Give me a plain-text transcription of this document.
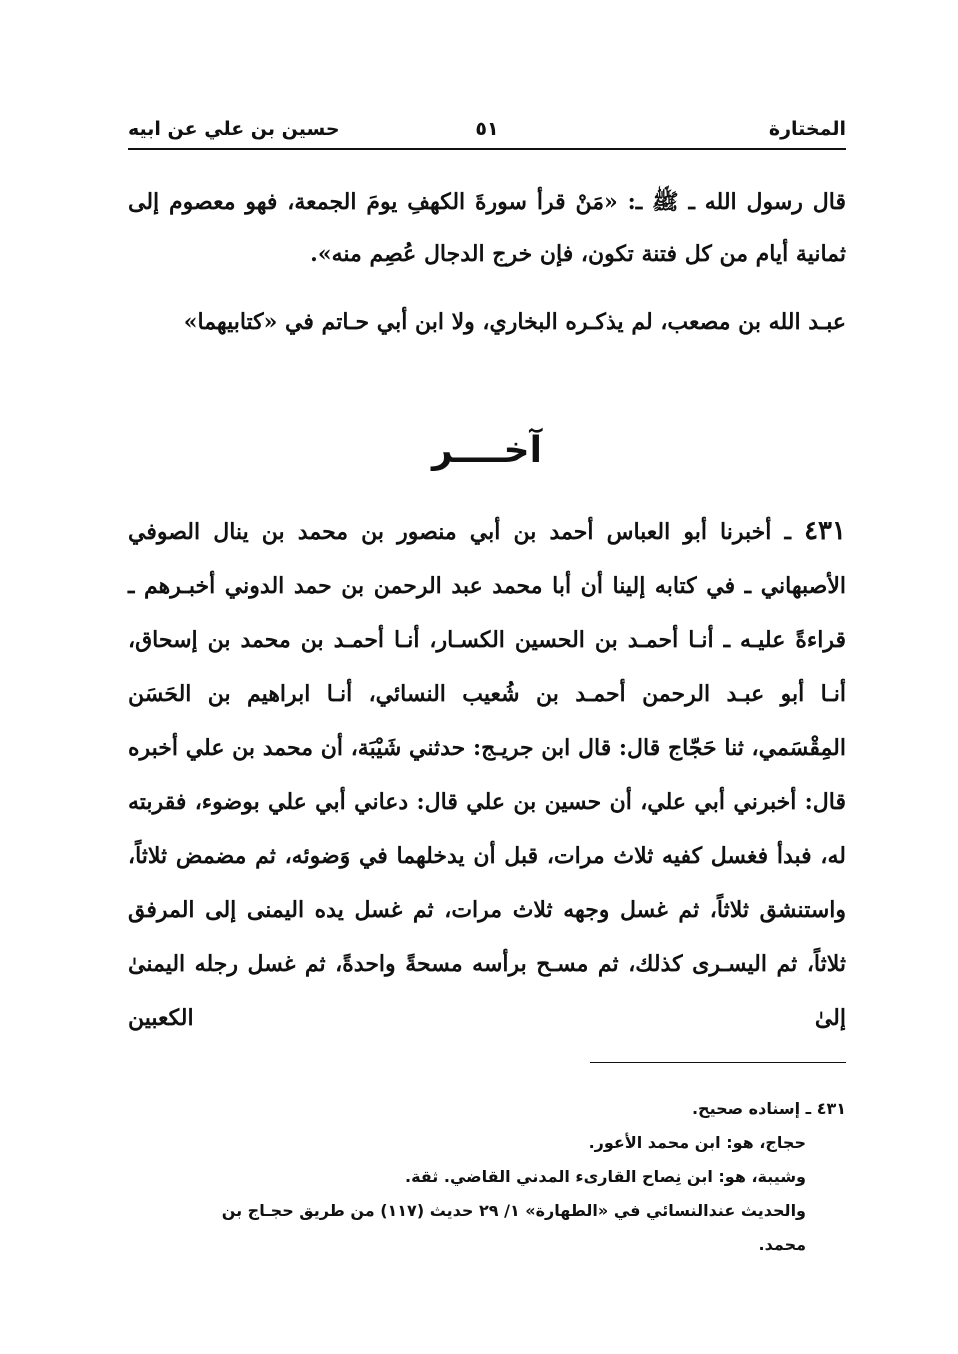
المختارة
٥١
حسين بن علي عن ابيه

قال رسول الله ـ ﷺ ـ: «مَنْ قرأ سورةَ الكهفِ يومَ الجمعة، فهو معصوم إلى ثمانية أيام من كل فتنة تكون، فإن خرج الدجال عُصِم منه».

عبـد الله بن مصعب، لم يذكـره البخاري، ولا ابن أبي حـاتم في «كتابيهما»

آخــــر

٤٣١ ـ أخبرنا أبو العباس أحمد بن أبي منصور بن محمد بن ينال الصوفي الأصبهاني ـ في كتابه إلينا أن أبا محمد عبد الرحمن بن حمد الدوني أخبـرهم ـ قراءةً عليـه ـ أنـا أحمـد بن الحسين الكسـار، أنـا أحمـد بن محمد بن إسحاق، أنـا أبو عبـد الرحمن أحمـد بن شُعيب النسائي، أنـا ابراهيم بن الحَسَن المِقْسَمي، ثنا حَجّاج قال: قال ابن جريـج: حدثني شَيْبَة، أن محمد بن علي أخبره قال: أخبرني أبي علي، أن حسين بن علي قال: دعاني أبي علي بوضوء، فقربته له، فبدأ فغسل كفيه ثلاث مرات، قبل أن يدخلهما في وَضوئه، ثم مضمض ثلاثاً، واستنشق ثلاثاً، ثم غسل وجهه ثلاث مرات، ثم غسل يده اليمنى إلى المرفق ثلاثاً، ثم اليسـرى كذلك، ثم مسـح برأسه مسحةً واحدةً، ثم غسل رجله اليمنىٰ إلىٰ الكعبين

٤٣١ ـ إسناده صحيح.
حجاج، هو: ابن محمد الأعور.
وشيبة، هو: ابن نِصاح القارىء المدني القاضي. ثقة.
والحديث عندالنسائي في «الطهارة» ١/ ٢٩ حديث (١١٧) من طريق حجـاج بن
محمد.
